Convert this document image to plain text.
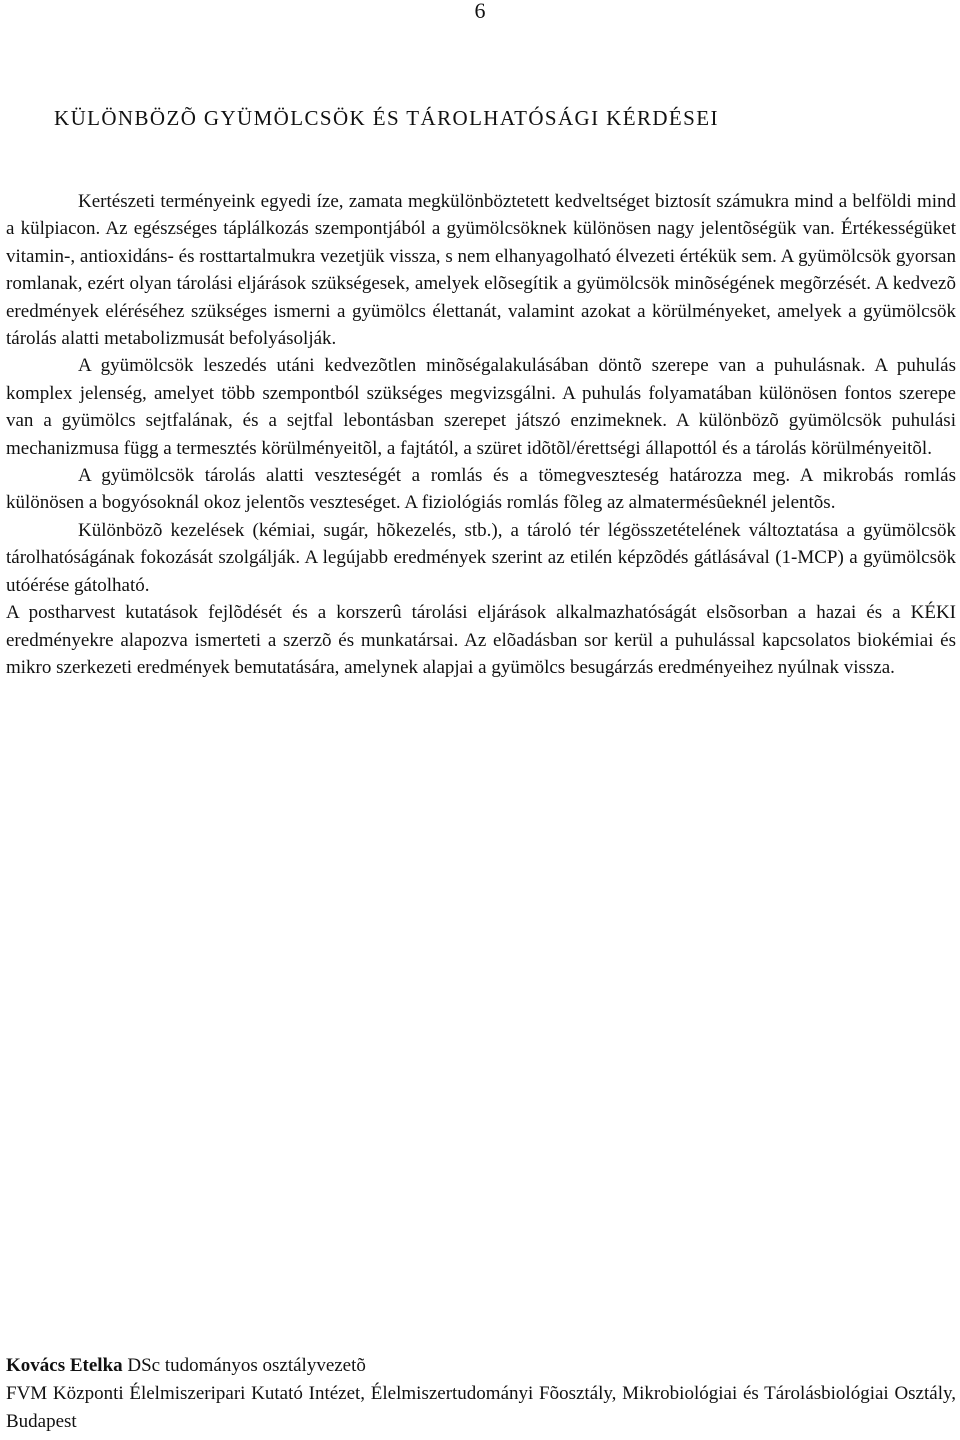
6
KÜLÖNBÖZÕ GYÜMÖLCSÖK ÉS TÁROLHATÓSÁGI KÉRDÉSEI

Kertészeti terményeink egyedi íze, zamata megkülönböztetett kedveltséget biztosít számukra mind a belföldi mind a külpiacon. Az egészséges táplálkozás szempontjából a gyümölcsöknek különösen nagy jelentõségük van. Értékességüket vitamin-, antioxidáns- és rosttartalmukra vezetjük vissza, s nem elhanyagolható élvezeti értékük sem. A gyümölcsök gyorsan romlanak, ezért olyan tárolási eljárások szükségesek, amelyek elõsegítik a gyümölcsök minõségének megõrzését. A kedvezõ eredmények eléréséhez szükséges ismerni a gyümölcs élettanát, valamint azokat a körülményeket, amelyek a gyümölcsök tárolás alatti metabolizmusát befolyásolják.

A gyümölcsök leszedés utáni kedvezõtlen minõségalakulásában döntõ szerepe van a puhulásnak. A puhulás komplex jelenség, amelyet több szempontból szükséges megvizsgálni. A puhulás folyamatában különösen fontos szerepe van a gyümölcs sejtfalának, és a sejtfal lebontásban szerepet játszó enzimeknek. A különbözõ gyümölcsök puhulási mechanizmusa függ a termesztés körülményeitõl, a fajtától, a szüret idõtõl/érettségi állapottól és a tárolás körülményeitõl.

A gyümölcsök tárolás alatti veszteségét a romlás és a tömegveszteség határozza meg. A mikrobás romlás különösen a bogyósoknál okoz jelentõs veszteséget. A fiziológiás romlás fõleg az almatermésûeknél jelentõs.

Különbözõ kezelések (kémiai, sugár, hõkezelés, stb.), a tároló tér légösszetételének változtatása a gyümölcsök tárolhatóságának fokozását szolgálják. A legújabb eredmények szerint az etilén képzõdés gátlásával (1-MCP) a gyümölcsök utóérése gátolható.

A postharvest kutatások fejlõdését és a korszerû tárolási eljárások alkalmazhatóságát elsõsorban a hazai és a KÉKI eredményekre alapozva ismerteti a szerzõ és munkatársai. Az elõadásban sor kerül a puhulással kapcsolatos biokémiai és mikro szerkezeti eredmények bemutatására, amelynek alapjai a gyümölcs besugárzás eredményeihez nyúlnak vissza.

Kovács Etelka DSc tudományos osztályvezetõ

FVM Központi Élelmiszeripari Kutató Intézet, Élelmiszertudományi Fõosztály, Mikrobiológiai és Tárolásbiológiai Osztály, Budapest
